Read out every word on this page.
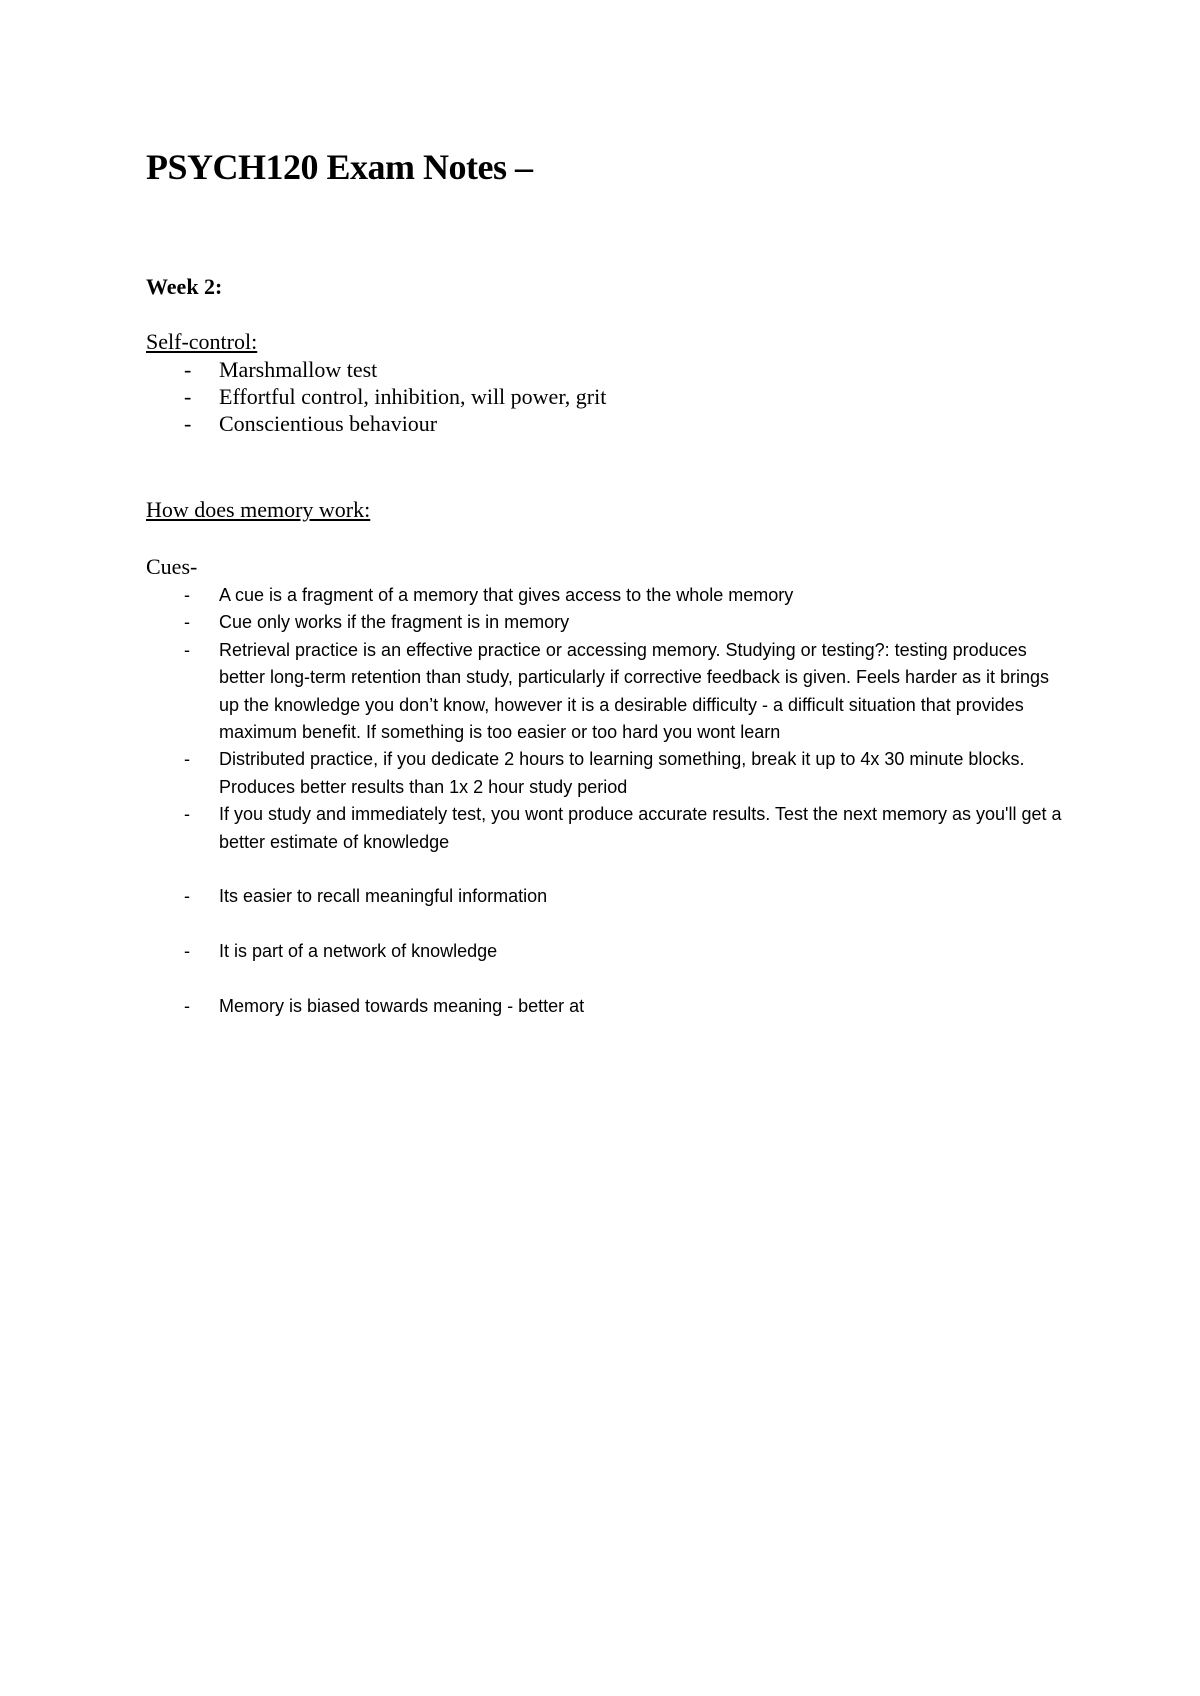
PSYCH120 Exam Notes –
Week 2:
Self-control:
- Marshmallow test
- Effortful control, inhibition, will power, grit
- Conscientious behaviour
How does memory work:
Cues-
- A cue is a fragment of a memory that gives access to the whole memory
- Cue only works if the fragment is in memory
- Retrieval practice is an effective practice or accessing memory. Studying or testing?: testing produces better long-term retention than study, particularly if corrective feedback is given. Feels harder as it brings up the knowledge you don’t know, however it is a desirable difficulty - a difficult situation that provides maximum benefit. If something is too easier or too hard you wont learn
- Distributed practice, if you dedicate 2 hours to learning something, break it up to 4x 30 minute blocks. Produces better results than 1x 2 hour study period
- If you study and immediately test, you wont produce accurate results. Test the next memory as you'll get a better estimate of knowledge
- Its easier to recall meaningful information
- It is part of a network of knowledge
- Memory is biased towards meaning - better at
